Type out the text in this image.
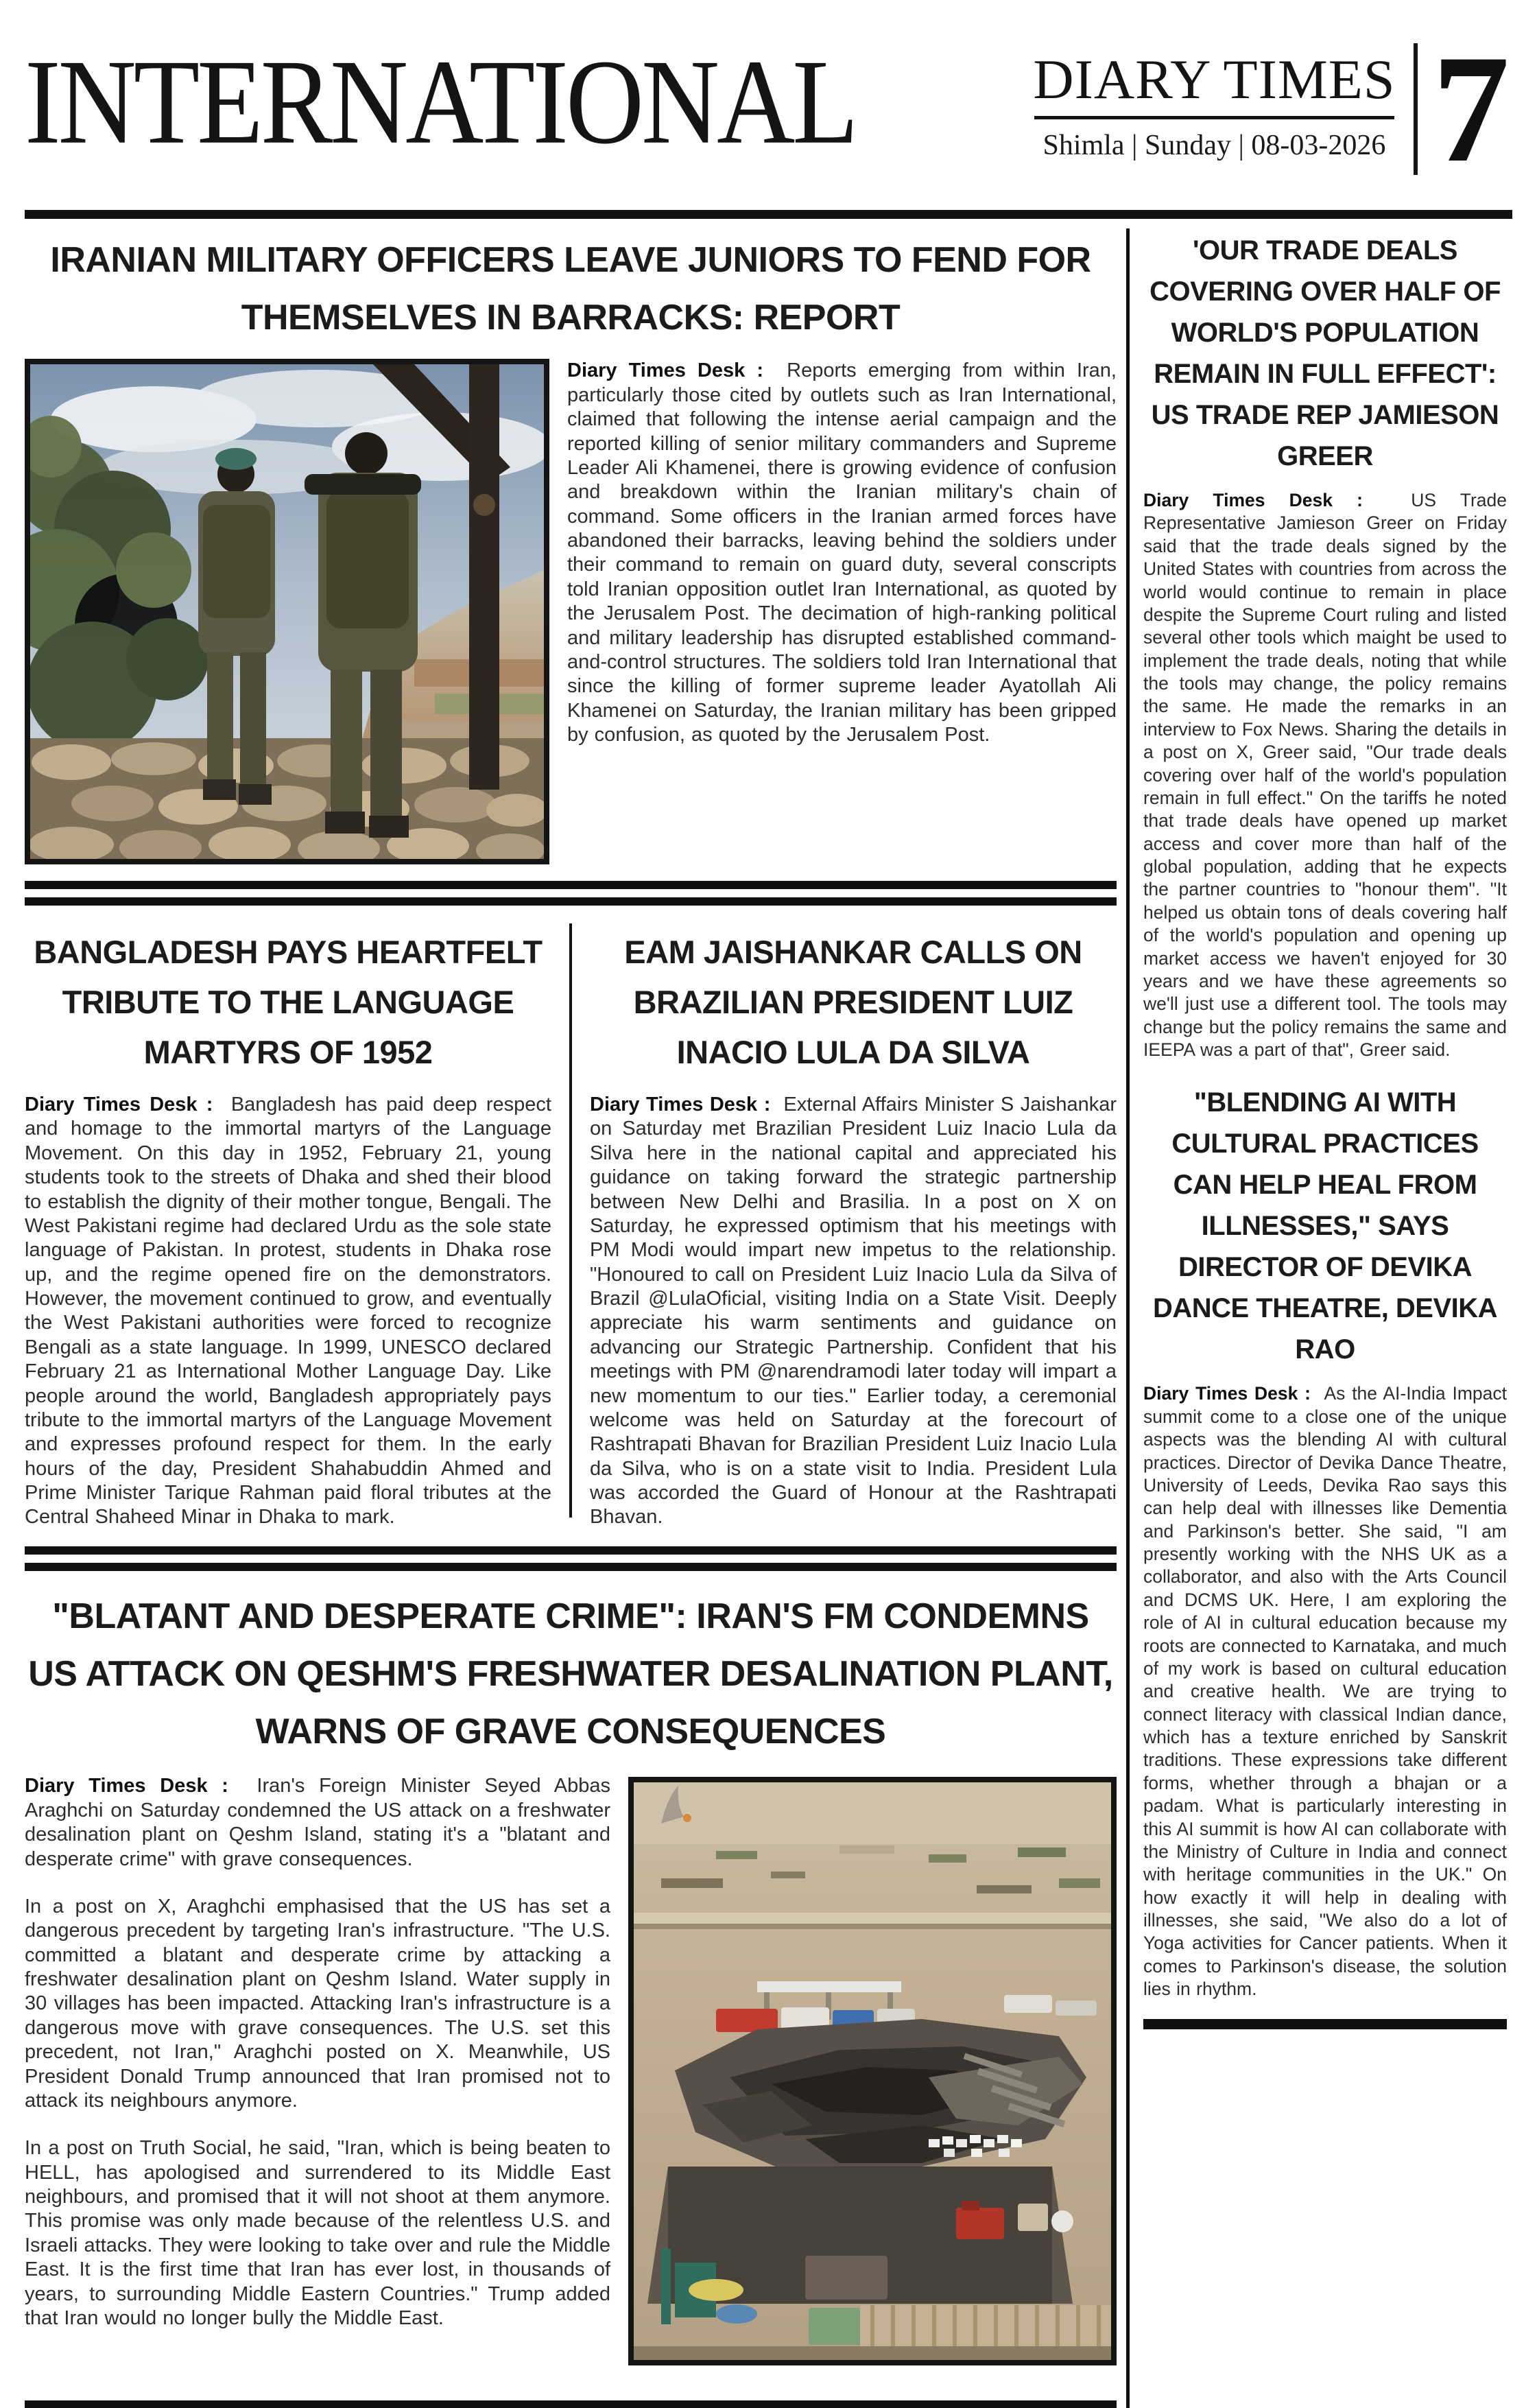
INTERNATIONAL	DIARY TIMES
Shimla | Sunday | 08-03-2026 7
IRANIAN MILITARY OFFICERS LEAVE JUNIORS TO FEND FOR THEMSELVES IN BARRACKS: REPORT

Diary Times Desk : Reports emerging from within Iran, particularly those cited by outlets such as Iran International, claimed that following the intense aerial campaign and the reported killing of senior military commanders and Supreme Leader Ali Khamenei, there is growing evidence of confusion and breakdown within the Iranian military's chain of command. Some officers in the Iranian armed forces have abandoned their barracks, leaving behind the soldiers under their command to remain on guard duty, several conscripts told Iranian opposition outlet Iran International, as quoted by the Jerusalem Post. The decimation of high-ranking political and military leadership has disrupted established command-and-control structures. The soldiers told Iran International that since the killing of former supreme leader Ayatollah Ali Khamenei on Saturday, the Iranian military has been gripped by confusion, as quoted by the Jerusalem Post.

BANGLADESH PAYS HEARTFELT TRIBUTE TO THE LANGUAGE MARTYRS OF 1952

Diary Times Desk : Bangladesh has paid deep respect and homage to the immortal martyrs of the Language Movement. On this day in 1952, February 21, young students took to the streets of Dhaka and shed their blood to establish the dignity of their mother tongue, Bengali. The West Pakistani regime had declared Urdu as the sole state language of Pakistan. In protest, students in Dhaka rose up, and the regime opened fire on the demonstrators. However, the movement continued to grow, and eventually the West Pakistani authorities were forced to recognize Bengali as a state language. In 1999, UNESCO declared February 21 as International Mother Language Day. Like people around the world, Bangladesh appropriately pays tribute to the immortal martyrs of the Language Movement and expresses profound respect for them. In the early hours of the day, President Shahabuddin Ahmed and Prime Minister Tarique Rahman paid floral tributes at the Central Shaheed Minar in Dhaka to mark.

EAM JAISHANKAR CALLS ON BRAZILIAN PRESIDENT LUIZ INACIO LULA DA SILVA

Diary Times Desk : External Affairs Minister S Jaishankar on Saturday met Brazilian President Luiz Inacio Lula da Silva here in the national capital and appreciated his guidance on taking forward the strategic partnership between New Delhi and Brasilia. In a post on X on Saturday, he expressed optimism that his meetings with PM Modi would impart new impetus to the relationship. "Honoured to call on President Luiz Inacio Lula da Silva of Brazil @LulaOficial, visiting India on a State Visit. Deeply appreciate his warm sentiments and guidance on advancing our Strategic Partnership. Confident that his meetings with PM @narendramodi later today will impart a new momentum to our ties." Earlier today, a ceremonial welcome was held on Saturday at the forecourt of Rashtrapati Bhavan for Brazilian President Luiz Inacio Lula da Silva, who is on a state visit to India. President Lula was accorded the Guard of Honour at the Rashtrapati Bhavan.

"BLATANT AND DESPERATE CRIME": IRAN'S FM CONDEMNS US ATTACK ON QESHM'S FRESHWATER DESALINATION PLANT, WARNS OF GRAVE CONSEQUENCES

Diary Times Desk : Iran's Foreign Minister Seyed Abbas Araghchi on Saturday condemned the US attack on a freshwater desalination plant on Qeshm Island, stating it's a "blatant and desperate crime" with grave consequences.

In a post on X, Araghchi emphasised that the US has set a dangerous precedent by targeting Iran's infrastructure. "The U.S. committed a blatant and desperate crime by attacking a freshwater desalination plant on Qeshm Island. Water supply in 30 villages has been impacted. Attacking Iran's infrastructure is a dangerous move with grave consequences. The U.S. set this precedent, not Iran," Araghchi posted on X. Meanwhile, US President Donald Trump announced that Iran promised not to attack its neighbours anymore.

In a post on Truth Social, he said, "Iran, which is being beaten to HELL, has apologised and surrendered to its Middle East neighbours, and promised that it will not shoot at them anymore. This promise was only made because of the relentless U.S. and Israeli attacks. They were looking to take over and rule the Middle East. It is the first time that Iran has ever lost, in thousands of years, to surrounding Middle Eastern Countries." Trump added that Iran would no longer bully the Middle East.

'OUR TRADE DEALS COVERING OVER HALF OF WORLD'S POPULATION REMAIN IN FULL EFFECT': US TRADE REP JAMIESON GREER

Diary Times Desk :	US Trade Representative Jamieson Greer on Friday said that the trade deals signed by the United States with countries from across the world would continue to remain in place despite the Supreme Court ruling and listed several other tools which maight be used to implement the trade deals, noting that while the tools may change, the policy remains the same. He made the remarks in an interview to Fox News. Sharing the details in a post on X, Greer said, "Our trade deals covering over half of the world's population remain in full effect." On the tariffs he noted that trade deals have opened up market access and cover more than half of the global population, adding that he expects the partner countries to "honour them". "It helped us obtain tons of deals covering half of the world's population and opening up market access we haven't enjoyed for 30 years and we have these agreements so we'll just use a different tool. The tools may change but the policy remains the same and IEEPA was a part of that", Greer said.

"BLENDING AI WITH CULTURAL PRACTICES CAN HELP HEAL FROM ILLNESSES," SAYS DIRECTOR OF DEVIKA DANCE THEATRE, DEVIKA RAO

Diary Times Desk : As the AI-India Impact summit come to a close one of the unique aspects was the blending AI with cultural practices. Director of Devika Dance Theatre, University of Leeds, Devika Rao says this can help deal with illnesses like Dementia and Parkinson's better. She said, "I am presently working with the NHS UK as a collaborator, and also with the Arts Council and DCMS UK. Here, I am exploring the role of AI in cultural education because my roots are connected to Karnataka, and much of my work is based on cultural education and creative health. We are trying to connect literacy with classical Indian dance, which has a texture enriched by Sanskrit traditions. These expressions take different forms, whether through a bhajan or a padam. What is particularly interesting in this AI summit is how AI can collaborate with the Ministry of Culture in India and connect with heritage communities in the UK." On how exactly it will help in dealing with illnesses, she said, "We also do a lot of Yoga activities for Cancer patients. When it comes to Parkinson's disease, the solution lies in rhythm.
